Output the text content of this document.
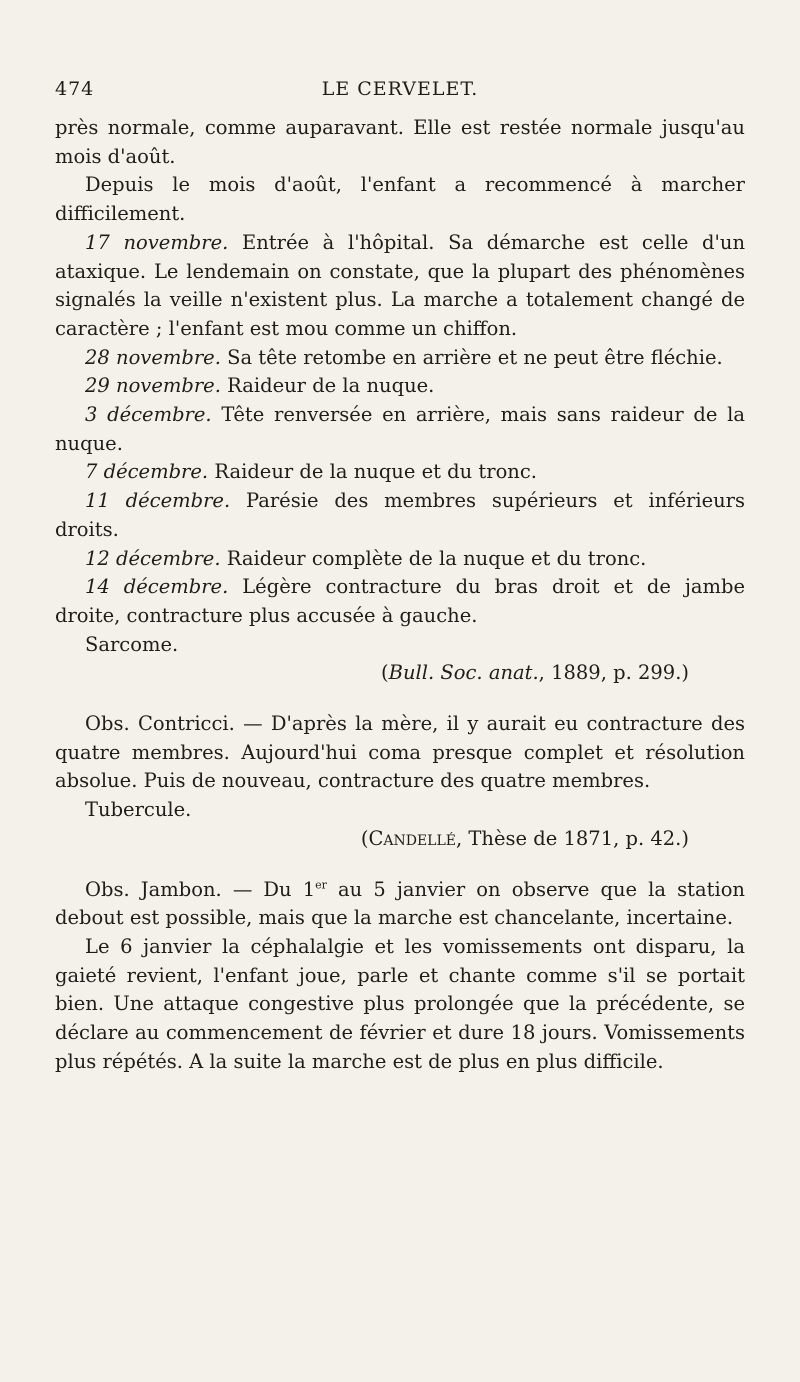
474	LE CERVELET.

près normale, comme auparavant. Elle est restée normale jusqu'au mois d'août.

Depuis le mois d'août, l'enfant a recommencé à marcher difficilement.

17 novembre. Entrée à l'hôpital. Sa démarche est celle d'un ataxique. Le lendemain on constate, que la plupart des phénomènes signalés la veille n'existent plus. La marche a totalement changé de caractère ; l'enfant est mou comme un chiffon.

28 novembre. Sa tête retombe en arrière et ne peut être fléchie.

29 novembre. Raideur de la nuque.

3 décembre. Tête renversée en arrière, mais sans raideur de la nuque.

7 décembre. Raideur de la nuque et du tronc.

11 décembre. Parésie des membres supérieurs et inférieurs droits.

12 décembre. Raideur complète de la nuque et du tronc.

14 décembre. Légère contracture du bras droit et de jambe droite, contracture plus accusée à gauche.

Sarcome.

(Bull. Soc. anat., 1889, p. 299.)

Obs. Contricci. — D'après la mère, il y aurait eu contracture des quatre membres. Aujourd'hui coma presque complet et résolution absolue. Puis de nouveau, contracture des quatre membres.

Tubercule.

(Candellé, Thèse de 1871, p. 42.)

Obs. Jambon. — Du 1er au 5 janvier on observe que la station debout est possible, mais que la marche est chancelante, incertaine.

Le 6 janvier la céphalalgie et les vomissements ont disparu, la gaieté revient, l'enfant joue, parle et chante comme s'il se portait bien. Une attaque congestive plus prolongée que la précédente, se déclare au commencement de février et dure 18 jours. Vomissements plus répétés. A la suite la marche est de plus en plus difficile.
